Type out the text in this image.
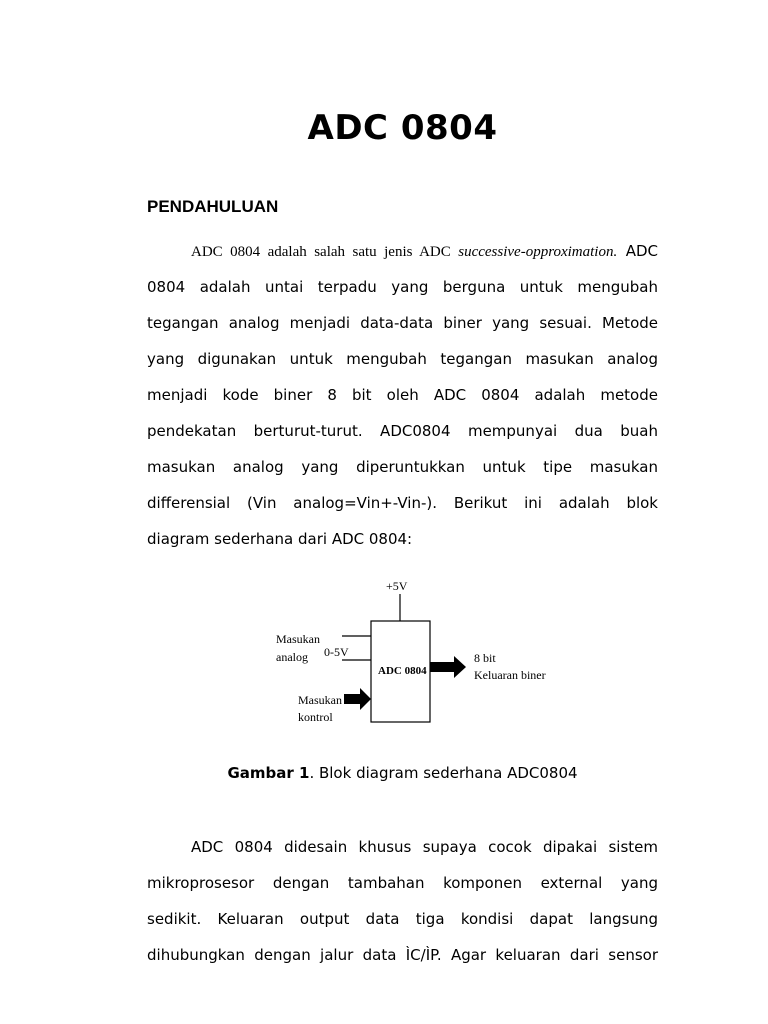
ADC 0804
PENDAHULUAN
ADC 0804 adalah salah satu jenis ADC successive-opproximation. ADC
0804 adalah untai terpadu yang berguna untuk mengubah
tegangan analog menjadi data-data biner yang sesuai. Metode
yang digunakan untuk mengubah tegangan masukan analog
menjadi kode biner 8 bit oleh ADC 0804 adalah metode
pendekatan berturut-turut. ADC0804 mempunyai dua buah
masukan analog yang diperuntukkan untuk tipe masukan
differensial (Vin analog=Vin+-Vin-). Berikut ini adalah blok
diagram sederhana dari ADC 0804:
+5V
ADC 0804
Masukan
analog 0-5V	8 bit
Keluaran biner
Masukan
kontrol
Gambar 1. Blok diagram sederhana ADC0804
ADC 0804 didesain khusus supaya cocok dipakai sistem
mikroprosesor dengan tambahan komponen external yang
sedikit. Keluaran output data tiga kondisi dapat langsung
dihubungkan dengan jalur data ÌC/ÌP. Agar keluaran dari sensor
